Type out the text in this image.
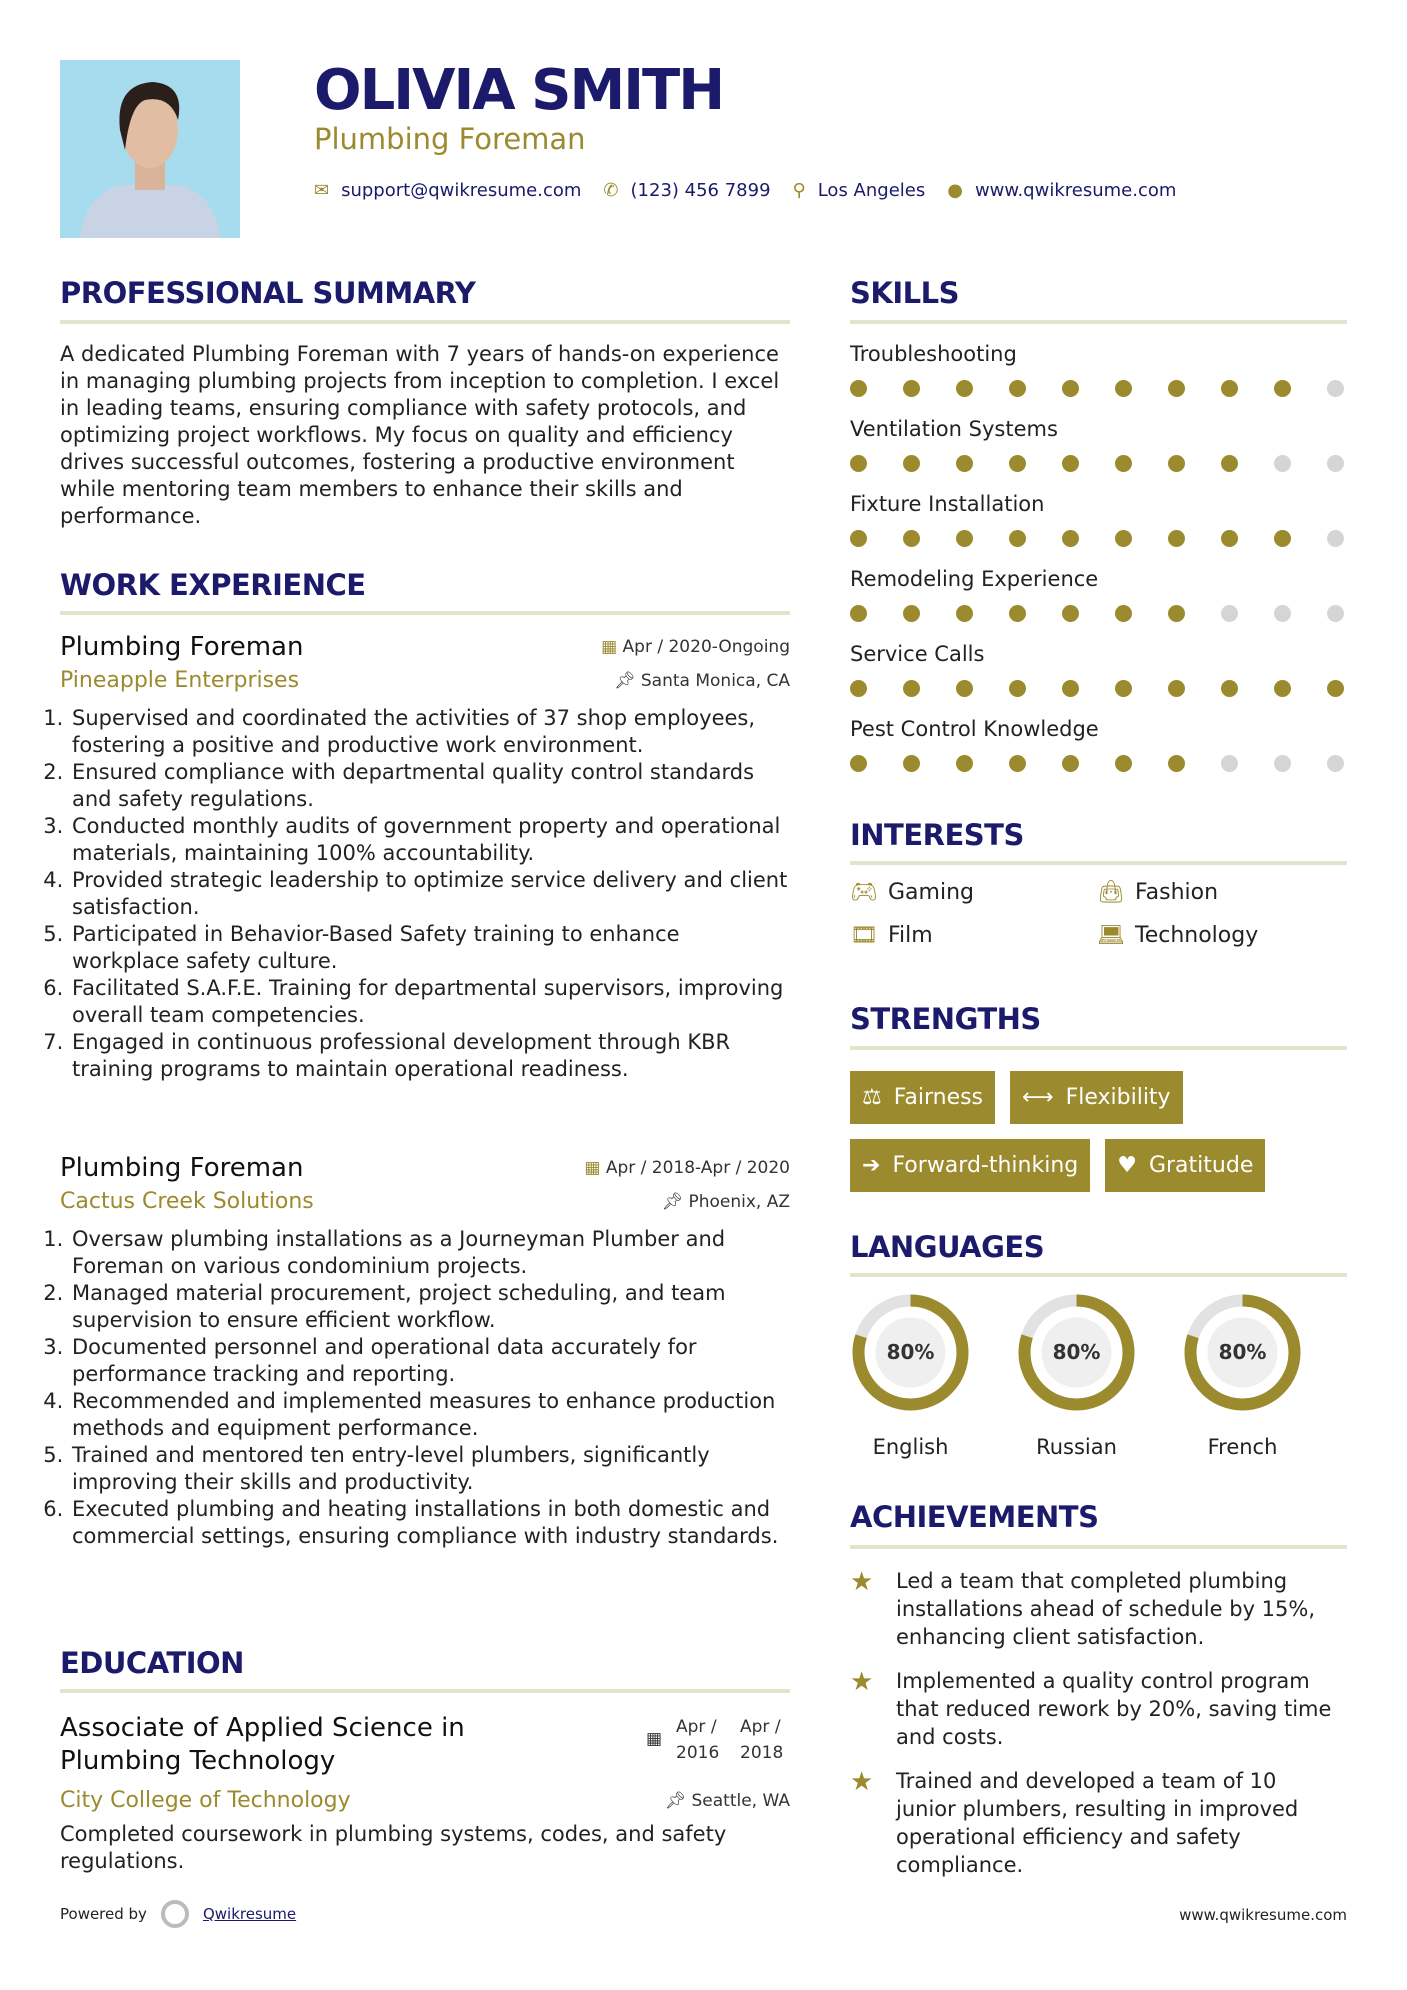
OLIVIA SMITH
Plumbing Foreman
✉ support@qwikresume.com ✆ (123) 456 7899 ⚲ Los Angeles ● www.qwikresume.com
PROFESSIONAL SUMMARY
A dedicated Plumbing Foreman with 7 years of hands-on experience in managing plumbing projects from inception to completion. I excel in leading teams, ensuring compliance with safety protocols, and optimizing project workflows. My focus on quality and efficiency drives successful outcomes, fostering a productive environment while mentoring team members to enhance their skills and performance.
WORK EXPERIENCE
Plumbing Foreman	▦ Apr / 2020-Ongoing
Pineapple Enterprises	📌︎ Santa Monica, CA
1. Supervised and coordinated the activities of 37 shop employees, fostering a positive and productive work environment.
2. Ensured compliance with departmental quality control standards and safety regulations.
3. Conducted monthly audits of government property and operational materials, maintaining 100% accountability.
4. Provided strategic leadership to optimize service delivery and client satisfaction.
5. Participated in Behavior-Based Safety training to enhance workplace safety culture.
6. Facilitated S.A.F.E. Training for departmental supervisors, improving overall team competencies.
7. Engaged in continuous professional development through KBR training programs to maintain operational readiness.
Plumbing Foreman	▦ Apr / 2018-Apr / 2020
Cactus Creek Solutions	📌︎ Phoenix, AZ
1. Oversaw plumbing installations as a Journeyman Plumber and Foreman on various condominium projects.
2. Managed material procurement, project scheduling, and team supervision to ensure efficient workflow.
3. Documented personnel and operational data accurately for performance tracking and reporting.
4. Recommended and implemented measures to enhance production methods and equipment performance.
5. Trained and mentored ten entry-level plumbers, significantly improving their skills and productivity.
6. Executed plumbing and heating installations in both domestic and commercial settings, ensuring compliance with industry standards.
EDUCATION
Associate of Applied Science in Plumbing Technology
▦
Apr / 2016
Apr / 2018
City College of Technology	📌︎ Seattle, WA
Completed coursework in plumbing systems, codes, and safety regulations.
SKILLS
Troubleshooting
Ventilation Systems
Fixture Installation
Remodeling Experience
Service Calls
Pest Control Knowledge
INTERESTS
🎮︎ Gaming	👜︎ Fashion
🎞︎ Film	💻︎ Technology
STRENGTHS
⚖ Fairness ⟷ Flexibility
➔ Forward-thinking ♥ Gratitude
LANGUAGES
80%
English
80%
Russian
80%
French
ACHIEVEMENTS
★	Led a team that completed plumbing installations ahead of schedule by 15%, enhancing client satisfaction.
★	Implemented a quality control program that reduced rework by 20%, saving time and costs.
★	Trained and developed a team of 10 junior plumbers, resulting in improved operational efficiency and safety compliance.
Powered by	Qwikresume	www.qwikresume.com
